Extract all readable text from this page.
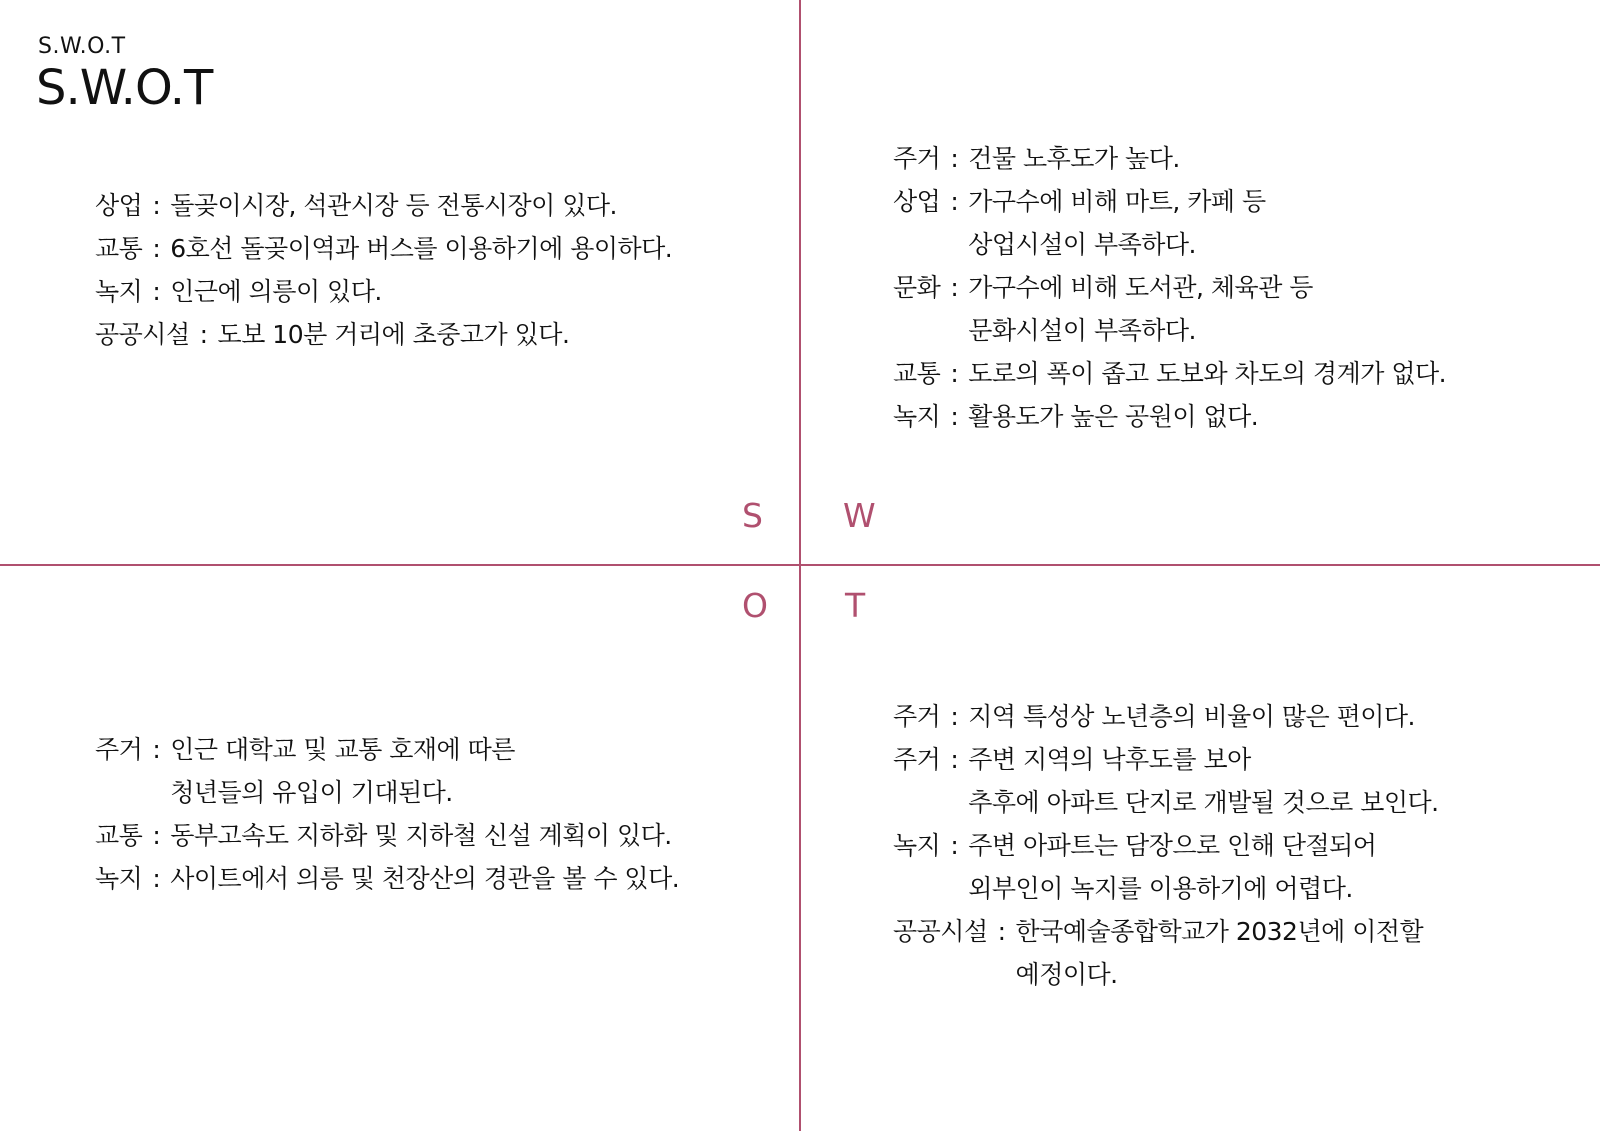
S.W.O.T
S.W.O.T
상업 : 돌곶이시장, 석관시장 등 전통시장이 있다.
교통 : 6호선 돌곶이역과 버스를 이용하기에 용이하다.
녹지 : 인근에 의릉이 있다.
공공시설 : 도보 10분 거리에 초중고가 있다.
주거 : 건물 노후도가 높다.
상업 : 가구수에 비해 마트, 카페 등
상업시설이 부족하다.
문화 : 가구수에 비해 도서관, 체육관 등
문화시설이 부족하다.
교통 : 도로의 폭이 좁고 도보와 차도의 경계가 없다.
녹지 : 활용도가 높은 공원이 없다.
주거 : 인근 대학교 및 교통 호재에 따른
청년들의 유입이 기대된다.
교통 : 동부고속도 지하화 및 지하철 신설 계획이 있다.
녹지 : 사이트에서 의릉 및 천장산의 경관을 볼 수 있다.
주거 : 지역 특성상 노년층의 비율이 많은 편이다.
주거 : 주변 지역의 낙후도를 보아
추후에 아파트 단지로 개발될 것으로 보인다.
녹지 : 주변 아파트는 담장으로 인해 단절되어
외부인이 녹지를 이용하기에 어렵다.
공공시설 : 한국예술종합학교가 2032년에 이전할
예정이다.
S W
O T
